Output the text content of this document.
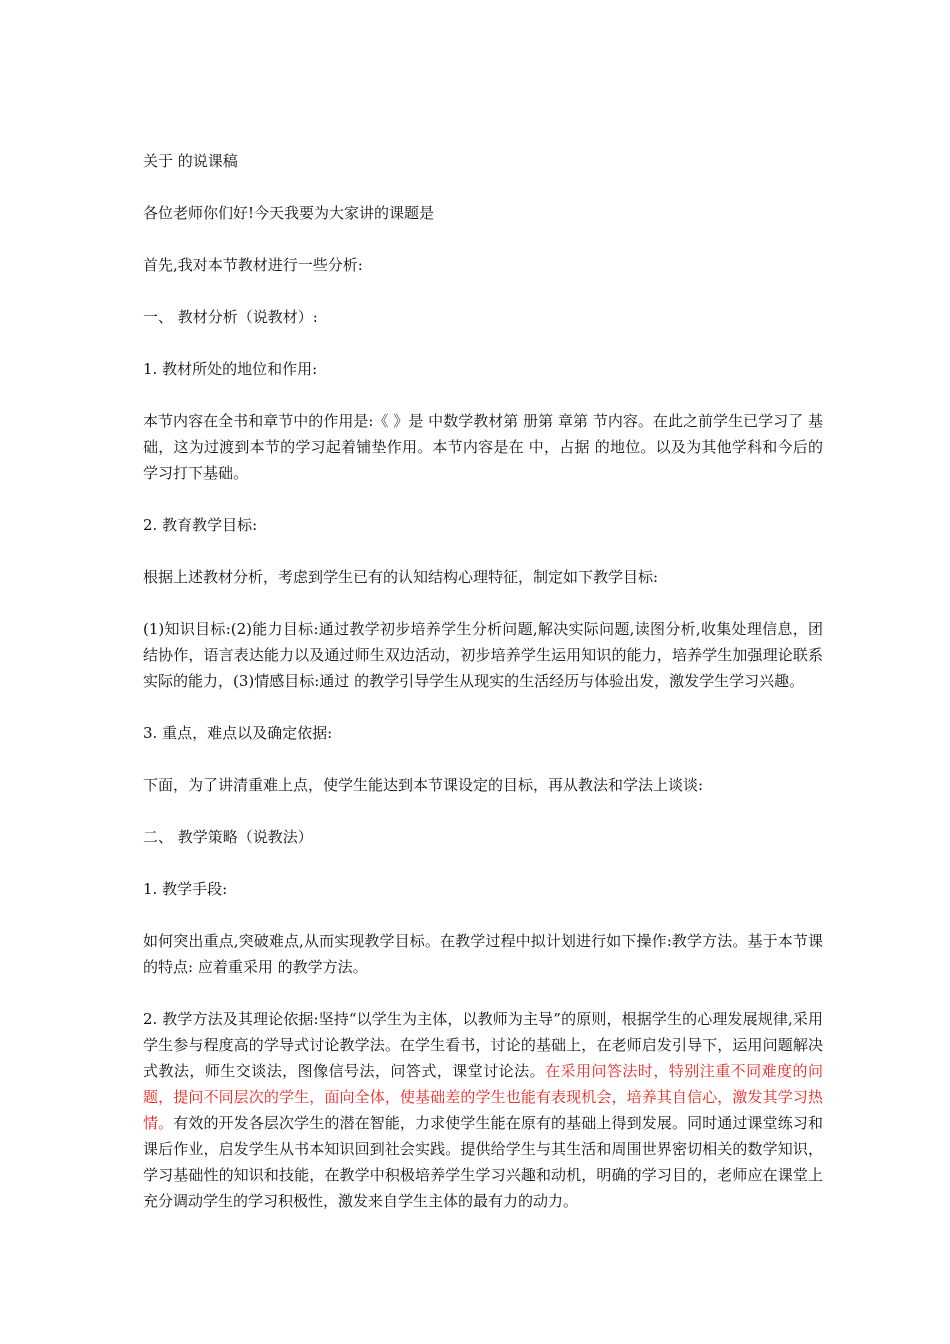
关于 的说课稿

各位老师你们好!今天我要为大家讲的课题是

首先,我对本节教材进行一些分析:

一、 教材分析（说教材）:

1. 教材所处的地位和作用:

本节内容在全书和章节中的作用是:《 》是 中数学教材第 册第 章第 节内容。在此之前学生已学习了 基础，这为过渡到本节的学习起着铺垫作用。本节内容是在 中，占据 的地位。以及为其他学科和今后的学习打下基础。

2. 教育教学目标:

根据上述教材分析，考虑到学生已有的认知结构心理特征，制定如下教学目标:

(1)知识目标:(2)能力目标:通过教学初步培养学生分析问题,解决实际问题,读图分析,收集处理信息，团结协作，语言表达能力以及通过师生双边活动，初步培养学生运用知识的能力，培养学生加强理论联系实际的能力，(3)情感目标:通过 的教学引导学生从现实的生活经历与体验出发，激发学生学习兴趣。

3. 重点，难点以及确定依据:

下面，为了讲清重难上点，使学生能达到本节课设定的目标，再从教法和学法上谈谈:

二、 教学策略（说教法）

1. 教学手段:

如何突出重点,突破难点,从而实现教学目标。在教学过程中拟计划进行如下操作:教学方法。基于本节课的特点: 应着重采用 的教学方法。

2. 教学方法及其理论依据:坚持“以学生为主体，以教师为主导”的原则，根据学生的心理发展规律,采用学生参与程度高的学导式讨论教学法。在学生看书，讨论的基础上，在老师启发引导下，运用问题解决式教法，师生交谈法，图像信号法，问答式，课堂讨论法。在采用问答法时，特别注重不同难度的问题，提问不同层次的学生，面向全体，使基础差的学生也能有表现机会，培养其自信心，激发其学习热情。有效的开发各层次学生的潜在智能，力求使学生能在原有的基础上得到发展。同时通过课堂练习和课后作业，启发学生从书本知识回到社会实践。提供给学生与其生活和周围世界密切相关的数学知识，学习基础性的知识和技能，在教学中积极培养学生学习兴趣和动机，明确的学习目的，老师应在课堂上充分调动学生的学习积极性，激发来自学生主体的最有力的动力。
